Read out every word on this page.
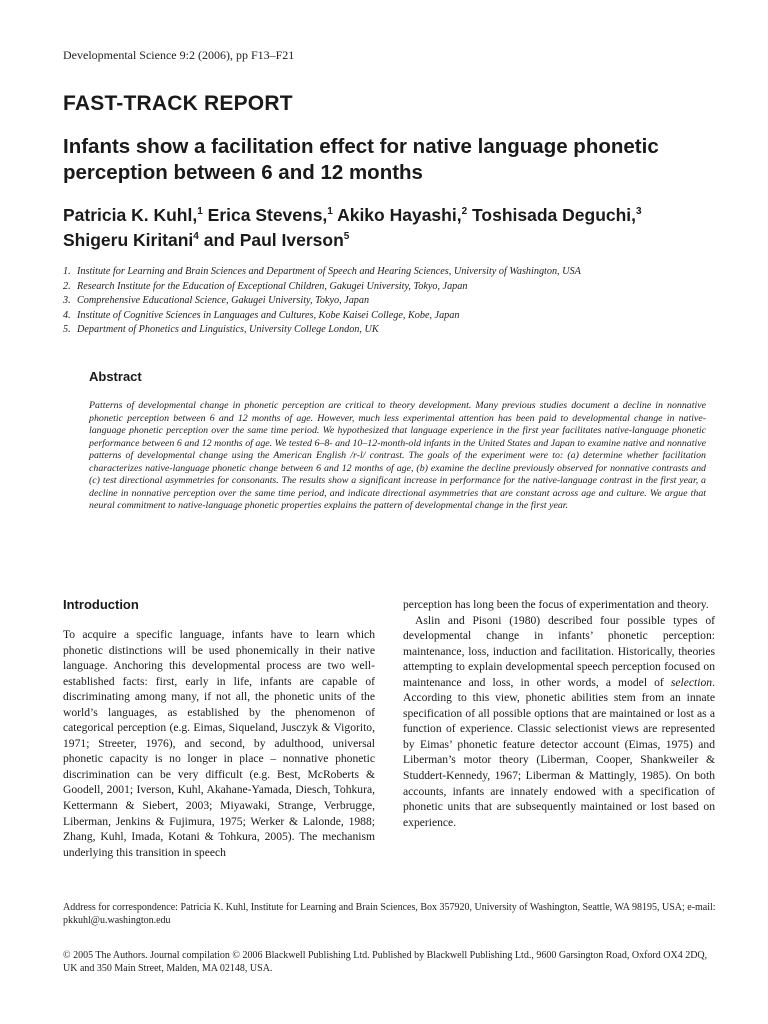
Developmental Science 9:2 (2006), pp F13–F21
FAST-TRACK REPORT
Infants show a facilitation effect for native language phonetic perception between 6 and 12 months
Patricia K. Kuhl,$^1$ Erica Stevens,$^1$ Akiko Hayashi,$^2$ Toshisada Deguchi,$^3$
Shigeru Kiritani$^4$ and Paul Iverson$^5$
1. Institute for Learning and Brain Sciences and Department of Speech and Hearing Sciences, University of Washington, USA
2. Research Institute for the Education of Exceptional Children, Gakugei University, Tokyo, Japan
3. Comprehensive Educational Science, Gakugei University, Tokyo, Japan
4. Institute of Cognitive Sciences in Languages and Cultures, Kobe Kaisei College, Kobe, Japan
5. Department of Phonetics and Linguistics, University College London, UK
Abstract
Patterns of developmental change in phonetic perception are critical to theory development. Many previous studies document a decline in nonnative phonetic perception between 6 and 12 months of age. However, much less experimental attention has been paid to developmental change in native-language phonetic perception over the same time period. We hypothesized that language experience in the first year facilitates native-language phonetic performance between 6 and 12 months of age. We tested 6–8- and 10–12-month-old infants in the United States and Japan to examine native and nonnative patterns of developmental change using the American English /r-l/ contrast. The goals of the experiment were to: (a) determine whether facilitation characterizes native-language phonetic change between 6 and 12 months of age, (b) examine the decline previously observed for nonnative contrasts and (c) test directional asymmetries for consonants. The results show a significant increase in performance for the native-language contrast in the first year, a decline in nonnative perception over the same time period, and indicate directional asymmetries that are constant across age and culture. We argue that neural commitment to native-language phonetic properties explains the pattern of developmental change in the first year.
Introduction

To acquire a specific language, infants have to learn which phonetic distinctions will be used phonemically in their native language. Anchoring this developmental process are two well-established facts: first, early in life, infants are capable of discriminating among many, if not all, the phonetic units of the world’s languages, as established by the phenomenon of categorical perception (e.g. Eimas, Siqueland, Jusczyk & Vigorito, 1971; Streeter, 1976), and second, by adulthood, universal phonetic capacity is no longer in place – nonnative phonetic discrimination can be very difficult (e.g. Best, McRoberts & Goodell, 2001; Iverson, Kuhl, Akahane-Yamada, Diesch, Tohkura, Kettermann & Siebert, 2003; Miyawaki, Strange, Verbrugge, Liberman, Jenkins & Fujimura, 1975; Werker & Lalonde, 1988; Zhang, Kuhl, Imada, Kotani & Tohkura, 2005). The mechanism underlying this transition in speech

perception has long been the focus of experimentation and theory.

Aslin and Pisoni (1980) described four possible types of developmental change in infants’ phonetic perception: maintenance, loss, induction and facilitation. Historically, theories attempting to explain developmental speech perception focused on maintenance and loss, in other words, a model of selection. According to this view, phonetic abilities stem from an innate specification of all possible options that are maintained or lost as a function of experience. Classic selectionist views are represented by Eimas’ phonetic feature detector account (Eimas, 1975) and Liberman’s motor theory (Liberman, Cooper, Shankweiler & Studdert-Kennedy, 1967; Liberman & Mattingly, 1985). On both accounts, infants are innately endowed with a specification of phonetic units that are subsequently maintained or lost based on experience.

Address for correspondence: Patricia K. Kuhl, Institute for Learning and Brain Sciences, Box 357920, University of Washington, Seattle, WA 98195, USA; e-mail: pkkuhl@u.washington.edu
© 2005 The Authors. Journal compilation © 2006 Blackwell Publishing Ltd. Published by Blackwell Publishing Ltd., 9600 Garsington Road, Oxford OX4 2DQ, UK and 350 Main Street, Malden, MA 02148, USA.
